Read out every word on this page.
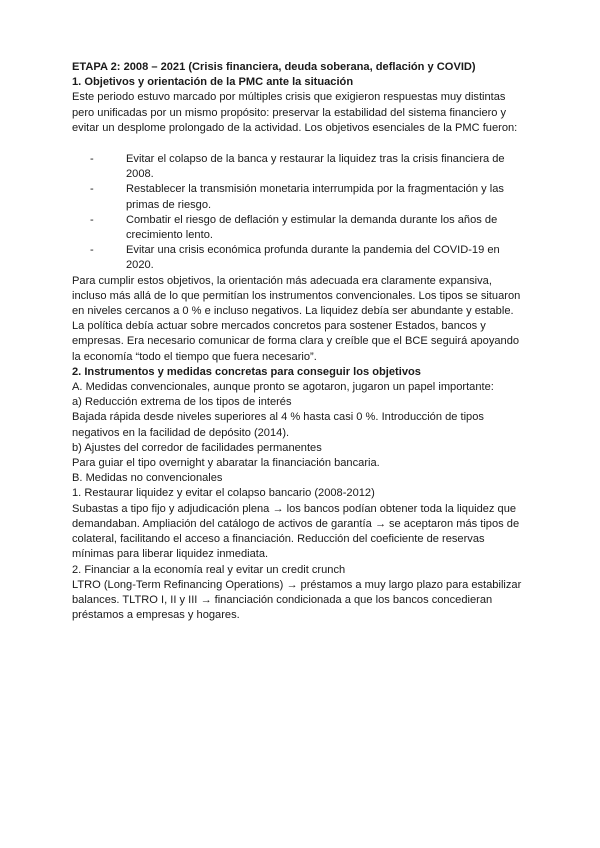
ETAPA 2: 2008 – 2021 (Crisis financiera, deuda soberana, deflación y COVID)

1. Objetivos y orientación de la PMC ante la situación

Este periodo estuvo marcado por múltiples crisis que exigieron respuestas muy distintas pero unificadas por un mismo propósito: preservar la estabilidad del sistema financiero y evitar un desplome prolongado de la actividad. Los objetivos esenciales de la PMC fueron:

-	Evitar el colapso de la banca y restaurar la liquidez tras la crisis financiera de 2008.
-	Restablecer la transmisión monetaria interrumpida por la fragmentación y las primas de riesgo.
-	Combatir el riesgo de deflación y estimular la demanda durante los años de crecimiento lento.
-	Evitar una crisis económica profunda durante la pandemia del COVID-19 en 2020.

Para cumplir estos objetivos, la orientación más adecuada era claramente expansiva, incluso más allá de lo que permitían los instrumentos convencionales. Los tipos se situaron en niveles cercanos a 0 % e incluso negativos. La liquidez debía ser abundante y estable. La política debía actuar sobre mercados concretos para sostener Estados, bancos y empresas. Era necesario comunicar de forma clara y creíble que el BCE seguirá apoyando la economía “todo el tiempo que fuera necesario”.

2. Instrumentos y medidas concretas para conseguir los objetivos

A. Medidas convencionales, aunque pronto se agotaron, jugaron un papel importante:

a) Reducción extrema de los tipos de interés

Bajada rápida desde niveles superiores al 4 % hasta casi 0 %. Introducción de tipos negativos en la facilidad de depósito (2014).

b) Ajustes del corredor de facilidades permanentes

Para guiar el tipo overnight y abaratar la financiación bancaria.

B. Medidas no convencionales

1. Restaurar liquidez y evitar el colapso bancario (2008-2012)

Subastas a tipo fijo y adjudicación plena → los bancos podían obtener toda la liquidez que demandaban. Ampliación del catálogo de activos de garantía → se aceptaron más tipos de colateral, facilitando el acceso a financiación. Reducción del coeficiente de reservas mínimas para liberar liquidez inmediata.

2. Financiar a la economía real y evitar un credit crunch

LTRO (Long-Term Refinancing Operations) → préstamos a muy largo plazo para estabilizar balances. TLTRO I, II y III → financiación condicionada a que los bancos concedieran préstamos a empresas y hogares.
